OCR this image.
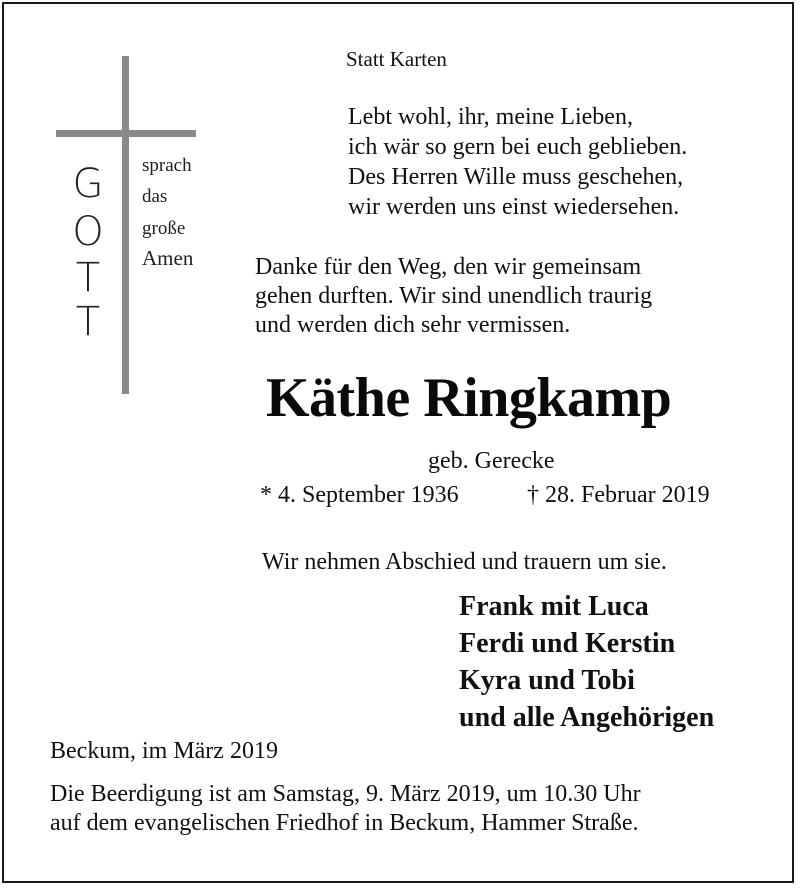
G
O
T
T
sprach
das
große
Amen
Statt Karten
Lebt wohl, ihr, meine Lieben,
ich wär so gern bei euch geblieben.
Des Herren Wille muss geschehen,
wir werden uns einst wiedersehen.
Danke für den Weg, den wir gemeinsam
gehen durften. Wir sind unendlich traurig
und werden dich sehr vermissen.
Käthe Ringkamp
geb. Gerecke
* 4. September 1936	† 28. Februar 2019
Wir nehmen Abschied und trauern um sie.
Frank mit Luca
Ferdi und Kerstin
Kyra und Tobi
und alle Angehörigen
Beckum, im März 2019
Die Beerdigung ist am Samstag, 9. März 2019, um 10.30 Uhr
auf dem evangelischen Friedhof in Beckum, Hammer Straße.
